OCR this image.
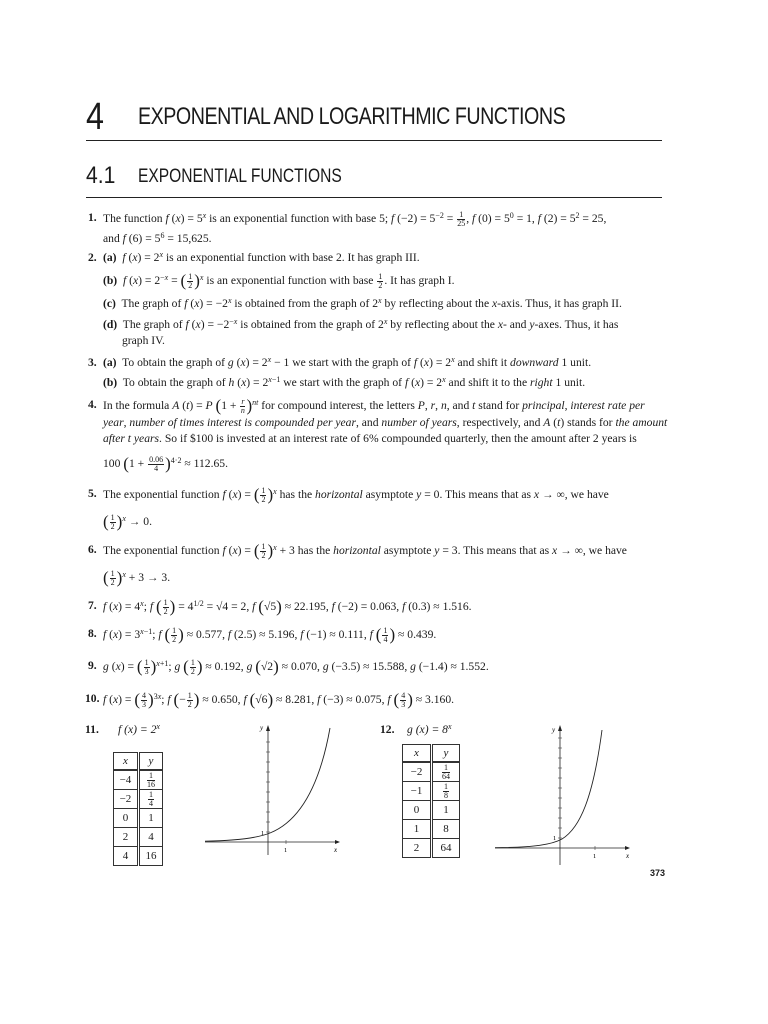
4 EXPONENTIAL AND LOGARITHMIC FUNCTIONS
4.1 EXPONENTIAL FUNCTIONS
1. The function f $(x) = 5^x$ is an exponential function with base 5; f $(-2) = 5^{-2} = \frac{1}{25}$ , f $(0) = 5^0 = 1$, f $(2) = 5^2 = 25$,
and f $(6) = 5^6 = 15,625$.
2. (a) f $(x) = 2^x$ is an exponential function with base 2. It has graph III.
(b) f $(x) = 2^{-x}$ = ( $\frac{1}{2} )^x$ is an exponential function with base $\frac{1}{2}$ . It has graph I.
(c)  The graph of f $(x) = -2^x$ is obtained from the graph of 2$^x$ by reflecting about the x-axis. Thus, it has graph II.
(d)  The graph of f $(x) = -2^{-x}$ is obtained from the graph of 2$^x$ by reflecting about the x- and y-axes. Thus, it has
graph IV.
3. (a)  To obtain the graph of g $(x) = 2^x - 1$ we start with the graph of f $(x) = 2^x$ and shift it downward 1 unit.
(b)  To obtain the graph of h $(x) = 2^{x-1}$ we start with the graph of f $(x) = 2^x$ and shift it to the right 1 unit.
4. In the formula A (t) = P $(1 + \frac{r}{n} )^{nt}$ for compound interest, the letters P, r, n, and t stand for principal, interest rate per
year, number of times interest is compounded per year, and number of years, respectively, and A (t) stands for the amount
after t years. So if $100 is invested at an interest rate of 6% compounded quarterly, then the amount after 2 years is
100 $(1 + \frac{0.06}{4} )^{4\cdot 2} \approx 112.65$.
5. The exponential function f (x) = ( $\frac{1}{2} )^x$ has the horizontal asymptote y = 0. This means that as x → ∞, we have
( $\frac{1}{2} )^x \to 0$.
6. The exponential function f (x) = ( $\frac{1}{2} )^x + 3$ has the horizontal asymptote y = 3. This means that as x → ∞, we have
( $\frac{1}{2} )^x + 3 \to 3$.
7. f $(x) = 4^x$; f ( $\frac{1}{2}$ ) = $4^{1/2} = √4 = 2$, f (√5) ≈ 22.195, f (−2) = 0.063, f (0.3) ≈ 1.516.
8. f $(x) = 3^{x-1}$; f ( $\frac{1}{2}$ ) ≈ 0.577, f (2.5) ≈ 5.196, f (−1) ≈ 0.111, f ( $\frac{1}{4}$ ) ≈ 0.439.
9. g (x) = ( $\frac{1}{3} )^{x+1}$; g ( $\frac{1}{2}$ ) ≈ 0.192, g (√2) ≈ 0.070, g (−3.5) ≈ 15.588, g (−1.4) ≈ 1.552.
10. f (x) = ( $\frac{4}{3} )^{3x}$; f (− $\frac{1}{2}$ ) ≈ 0.650, f (√6) ≈ 8.281, f (−3) ≈ 0.075, f ( $\frac{4}{3}$ ) ≈ 3.160.
11. f $(x) = 2^x$
x	y
−4	$\frac{1}{16}$

−2	$\frac{1}{4}$

0	1
2	4
4	16
y
x
1
1
12. g $(x) = 8^x$
x	y
−2	$\frac{1}{64}$

−1	$\frac{1}{8}$

0	1
1	8
2	64
y
x
1
1
373
